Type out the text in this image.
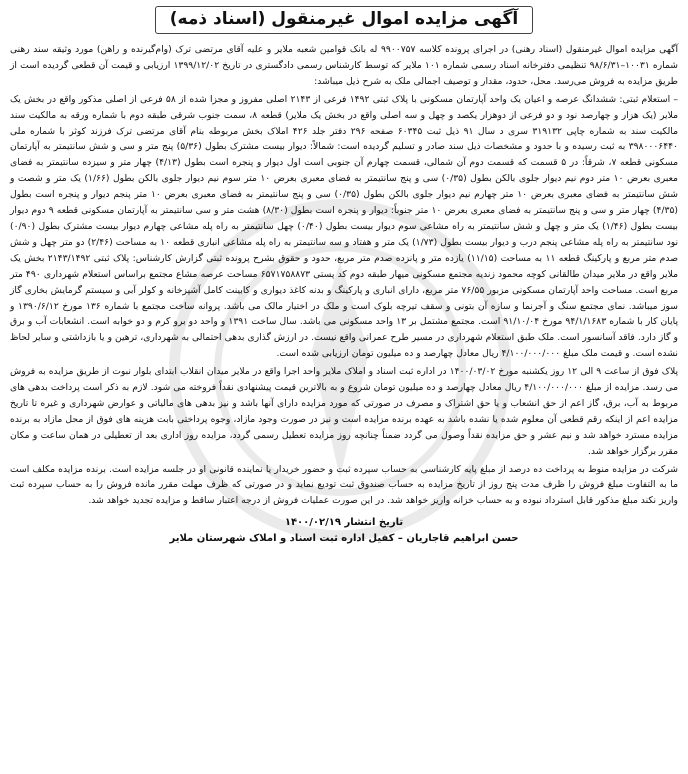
آگهی مزایده اموال غیرمنقول (اسناد ذمه)

آگهی مزایده اموال غیرمنقول (اسناد رهنی) در اجرای پرونده کلاسه ۹۹۰۰۷۵۷ له بانک قوامین شعبه ملایر و علیه آقای مرتضی ترک (وام‌گیرنده و راهن) مورد وثیقه سند رهنی شماره ۱۰۰۳۱–۹۸/۶/۳۱ تنظیمی دفترخانه اسناد رسمی شماره ۱۰۱ ملایر که توسط کارشناس رسمی دادگستری در تاریخ ۱۳۹۹/۱۲/۰۲ ارزیابی و قیمت آن قطعی گردیده است از طریق مزایده به فروش می‌رسد. محل، حدود، مقدار و توصیف اجمالی ملک به شرح ذیل میباشد:

– استعلام ثبتی: ششدانگ عرصه و اعیان یک واحد آپارتمان مسکونی با پلاک ثبتی ۱۴۹۲ فرعی از ۲۱۴۳ اصلی مفروز و مجزا شده از ۵۸ فرعی از اصلی مذکور واقع در بخش یک ملایر (یک هزار و چهارصد نود و دو فرعی از دوهزار یکصد و چهل و سه اصلی واقع در بخش یک ملایر) قطعه ۸، سمت جنوب شرقی طبقه دوم با شماره ورقه به مالکیت سند مالکیت سند به شماره چاپی ۳۱۹۱۳۲ سری د سال ۹۱ ذیل ثبت ۶۰۳۴۵ صفحه ۲۹۶ دفتر جلد ۴۲۶ املاک بخش مربوطه بنام آقای مرتضی ترک فرزند کوثر با شماره ملی ۳۹۸۰۰۰۶۴۴۰ به ثبت رسیده و با حدود و مشخصات ذیل سند صادر و تسلیم گردیده است: شمالاً: دیوار بیست مشترک بطول (۵/۳۶) پنج متر و سی و شش سانتیمتر به آپارتمان مسکونی قطعه ۷، شرقاً: در ۵ قسمت که قسمت دوم آن شمالی، قسمت چهارم آن جنوبی است اول دیوار و پنجره است بطول (۴/۱۳) چهار متر و سیزده سانتیمتر به فضای معبری بعرض ۱۰ متر دوم نیم دیوار جلوی بالکن بطول (۰/۳۵) سی و پنج سانتیمتر به فضای معبری بعرض ۱۰ متر سوم نیم دیوار جلوی بالکن بطول (۱/۶۶) یک متر و شصت و شش سانتیمتر به فضای معبری بعرض ۱۰ متر چهارم نیم دیوار جلوی بالکن بطول (۰/۳۵) سی و پنج سانتیمتر به فضای معبری بعرض ۱۰ متر پنجم دیوار و پنجره است بطول (۴/۳۵) چهار متر و سی و پنج سانتیمتر به فضای معبری بعرض ۱۰ متر جنوباً: دیوار و پنجره است بطول (۸/۳۰) هشت متر و سی سانتیمتر به آپارتمان مسکونی قطعه ۹ دوم دیوار بیست بطول (۱/۴۶) یک متر و چهل و شش سانتیمتر به راه مشاعی سوم دیوار بیست بطول (۰/۴۰) چهل سانتیمتر به راه پله مشاعی چهارم دیوار بیست مشترک بطول (۰/۹۰) نود سانتیمتر به راه پله مشاعی پنجم درب و دیوار بیست بطول (۱/۷۳) یک متر و هفتاد و سه سانتیمتر به راه پله مشاعی انباری قطعه ۱۰ به مساحت (۲/۴۶) دو متر چهل و شش صدم متر مربع و پارکینگ قطعه ۱۱ به مساحت (۱۱/۱۵) یازده متر و پانزده صدم متر مربع، حدود و حقوق بشرح پرونده ثبتی گزارش کارشناس: پلاک ثبتی ۲۱۴۳/۱۴۹۲ بخش یک ملایر واقع در ملایر میدان طالقانی کوچه محمود زندیه مجتمع مسکونی میهار طبقه دوم کد پستی ۶۵۷۱۷۵۸۸۷۳ مساحت عرصه مشاع مجتمع براساس استعلام شهرداری ۴۹۰ متر مربع است. مساحت واحد آپارتمان مسکونی مزبور ۷۶/۵۵ متر مربع، دارای انباری و پارکینگ و بدنه کاغذ دیواری و کابینت کامل آشپزخانه و کولر آبی و سیستم گرمایش بخاری گاز سوز میباشد. نمای مجتمع سنگ و آجرنما و سازه آن بتونی و سقف تیرچه بلوک است و ملک در اختیار مالک می باشد. پروانه ساخت مجتمع با شماره ۱۳۶ مورخ ۱۳۹۰/۶/۱۲ و پایان کار با شماره ۹۴/۱/۱۶۸۳ مورخ ۹۱/۱۰/۰۴ است. مجتمع مشتمل بر ۱۳ واحد مسکونی می باشد. سال ساخت ۱۳۹۱ و واحد دو برو کرم و دو خوابه است. انشعابات آب و برق و گاز دارد. فاقد آسانسور است. ملک طبق استعلام شهرداری در مسیر طرح عمرانی واقع نیست. در ارزش گذاری بدهی احتمالی به شهرداری، ترهین و یا بازداشتی و سایر لحاظ نشده است. و قیمت ملک مبلغ ۴/۱۰۰/۰۰۰/۰۰۰ ریال معادل چهارصد و ده میلیون تومان ارزیابی شده است.

پلاک فوق از ساعت ۹ الی ۱۲ روز یکشنبه مورخ ۱۴۰۰/۰۳/۰۲ در اداره ثبت اسناد و املاک ملایر واحد اجرا واقع در ملایر میدان انقلاب ابتدای بلوار نبوت از طریق مزایده به فروش می رسد. مزایده از مبلغ ۴/۱۰۰/۰۰۰/۰۰۰ ریال معادل چهارصد و ده میلیون تومان شروع و به بالاترین قیمت پیشنهادی نقداً فروخته می شود. لازم به ذکر است پرداخت بدهی های مربوط به آب، برق، گاز اعم از حق انشعاب و یا حق اشتراک و مصرف در صورتی که مورد مزایده دارای آنها باشد و نیز بدهی های مالیاتی و عوارض شهرداری و غیره تا تاریخ مزایده اعم از اینکه رقم قطعی آن معلوم شده یا نشده باشد به عهده برنده مزایده است و نیز در صورت وجود مازاد، وجوه پرداختی بابت هزینه های فوق از محل مازاد به برنده مزایده مسترد خواهد شد و نیم عشر و حق مزایده نقداً وصول می گردد ضمناً چنانچه روز مزایده تعطیل رسمی گردد، مزایده روز اداری بعد از تعطیلی در همان ساعت و مکان مقرر برگزار خواهد شد.

شرکت در مزایده منوط به پرداخت ده درصد از مبلغ پایه کارشناسی به حساب سپرده ثبت و حضور خریدار یا نماینده قانونی او در جلسه مزایده است. برنده مزایده مکلف است ما به التفاوت مبلغ فروش را ظرف مدت پنج روز از تاریخ مزایده به حساب صندوق ثبت تودیع نماید و در صورتی که ظرف مهلت مقرر مانده فروش را به حساب سپرده ثبت واریز نکند مبلغ مذکور قابل استرداد نبوده و به حساب خزانه واریز خواهد شد. در این صورت عملیات فروش از درجه اعتبار ساقط و مزایده تجدید خواهد شد.

تاریخ انتشار ۱۴۰۰/۰۲/۱۹
حسن ابراهیم قاجاریان – کفیل اداره ثبت اسناد و املاک شهرستان ملایر
